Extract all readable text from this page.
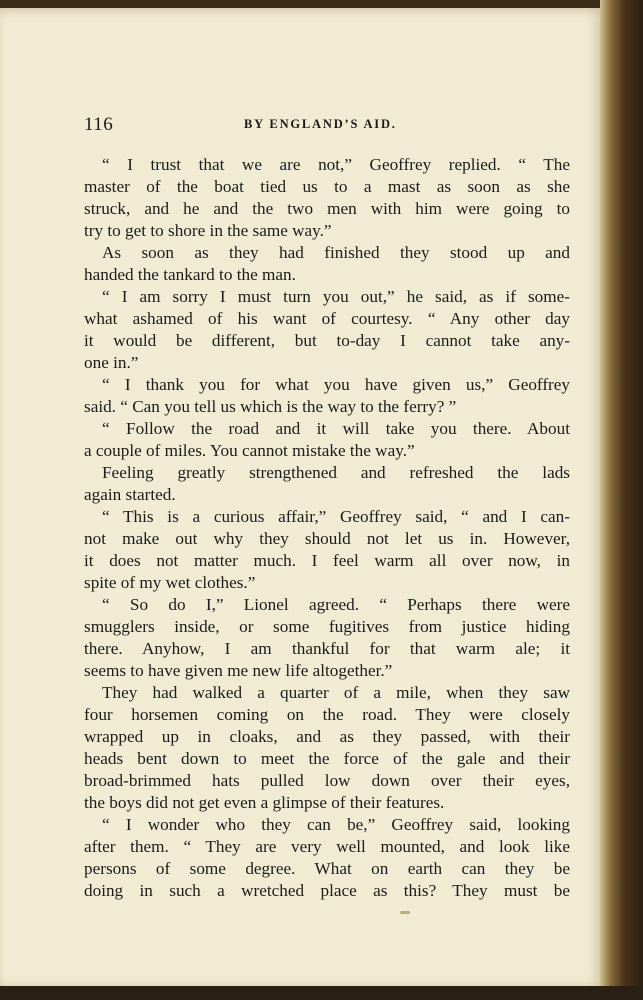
116	BY ENGLAND’S AID.
“ I trust that we are not,” Geoffrey replied. “ The
master of the boat tied us to a mast as soon as she
struck, and he and the two men with him were going to
try to get to shore in the same way.”
As soon as they had finished they stood up and
handed the tankard to the man.
“ I am sorry I must turn you out,” he said, as if some-
what ashamed of his want of courtesy. “ Any other day
it would be different, but to-day I cannot take any-
one in.”
“ I thank you for what you have given us,” Geoffrey
said. “ Can you tell us which is the way to the ferry? ”
“ Follow the road and it will take you there. About
a couple of miles. You cannot mistake the way.”
Feeling greatly strengthened and refreshed the lads
again started.
“ This is a curious affair,” Geoffrey said, “ and I can-
not make out why they should not let us in. However,
it does not matter much. I feel warm all over now, in
spite of my wet clothes.”
“ So do I,” Lionel agreed. “ Perhaps there were
smugglers inside, or some fugitives from justice hiding
there. Anyhow, I am thankful for that warm ale; it
seems to have given me new life altogether.”
They had walked a quarter of a mile, when they saw
four horsemen coming on the road. They were closely
wrapped up in cloaks, and as they passed, with their
heads bent down to meet the force of the gale and their
broad-brimmed hats pulled low down over their eyes,
the boys did not get even a glimpse of their features.
“ I wonder who they can be,” Geoffrey said, looking
after them. “ They are very well mounted, and look like
persons of some degree. What on earth can they be
doing in such a wretched place as this? They must be
